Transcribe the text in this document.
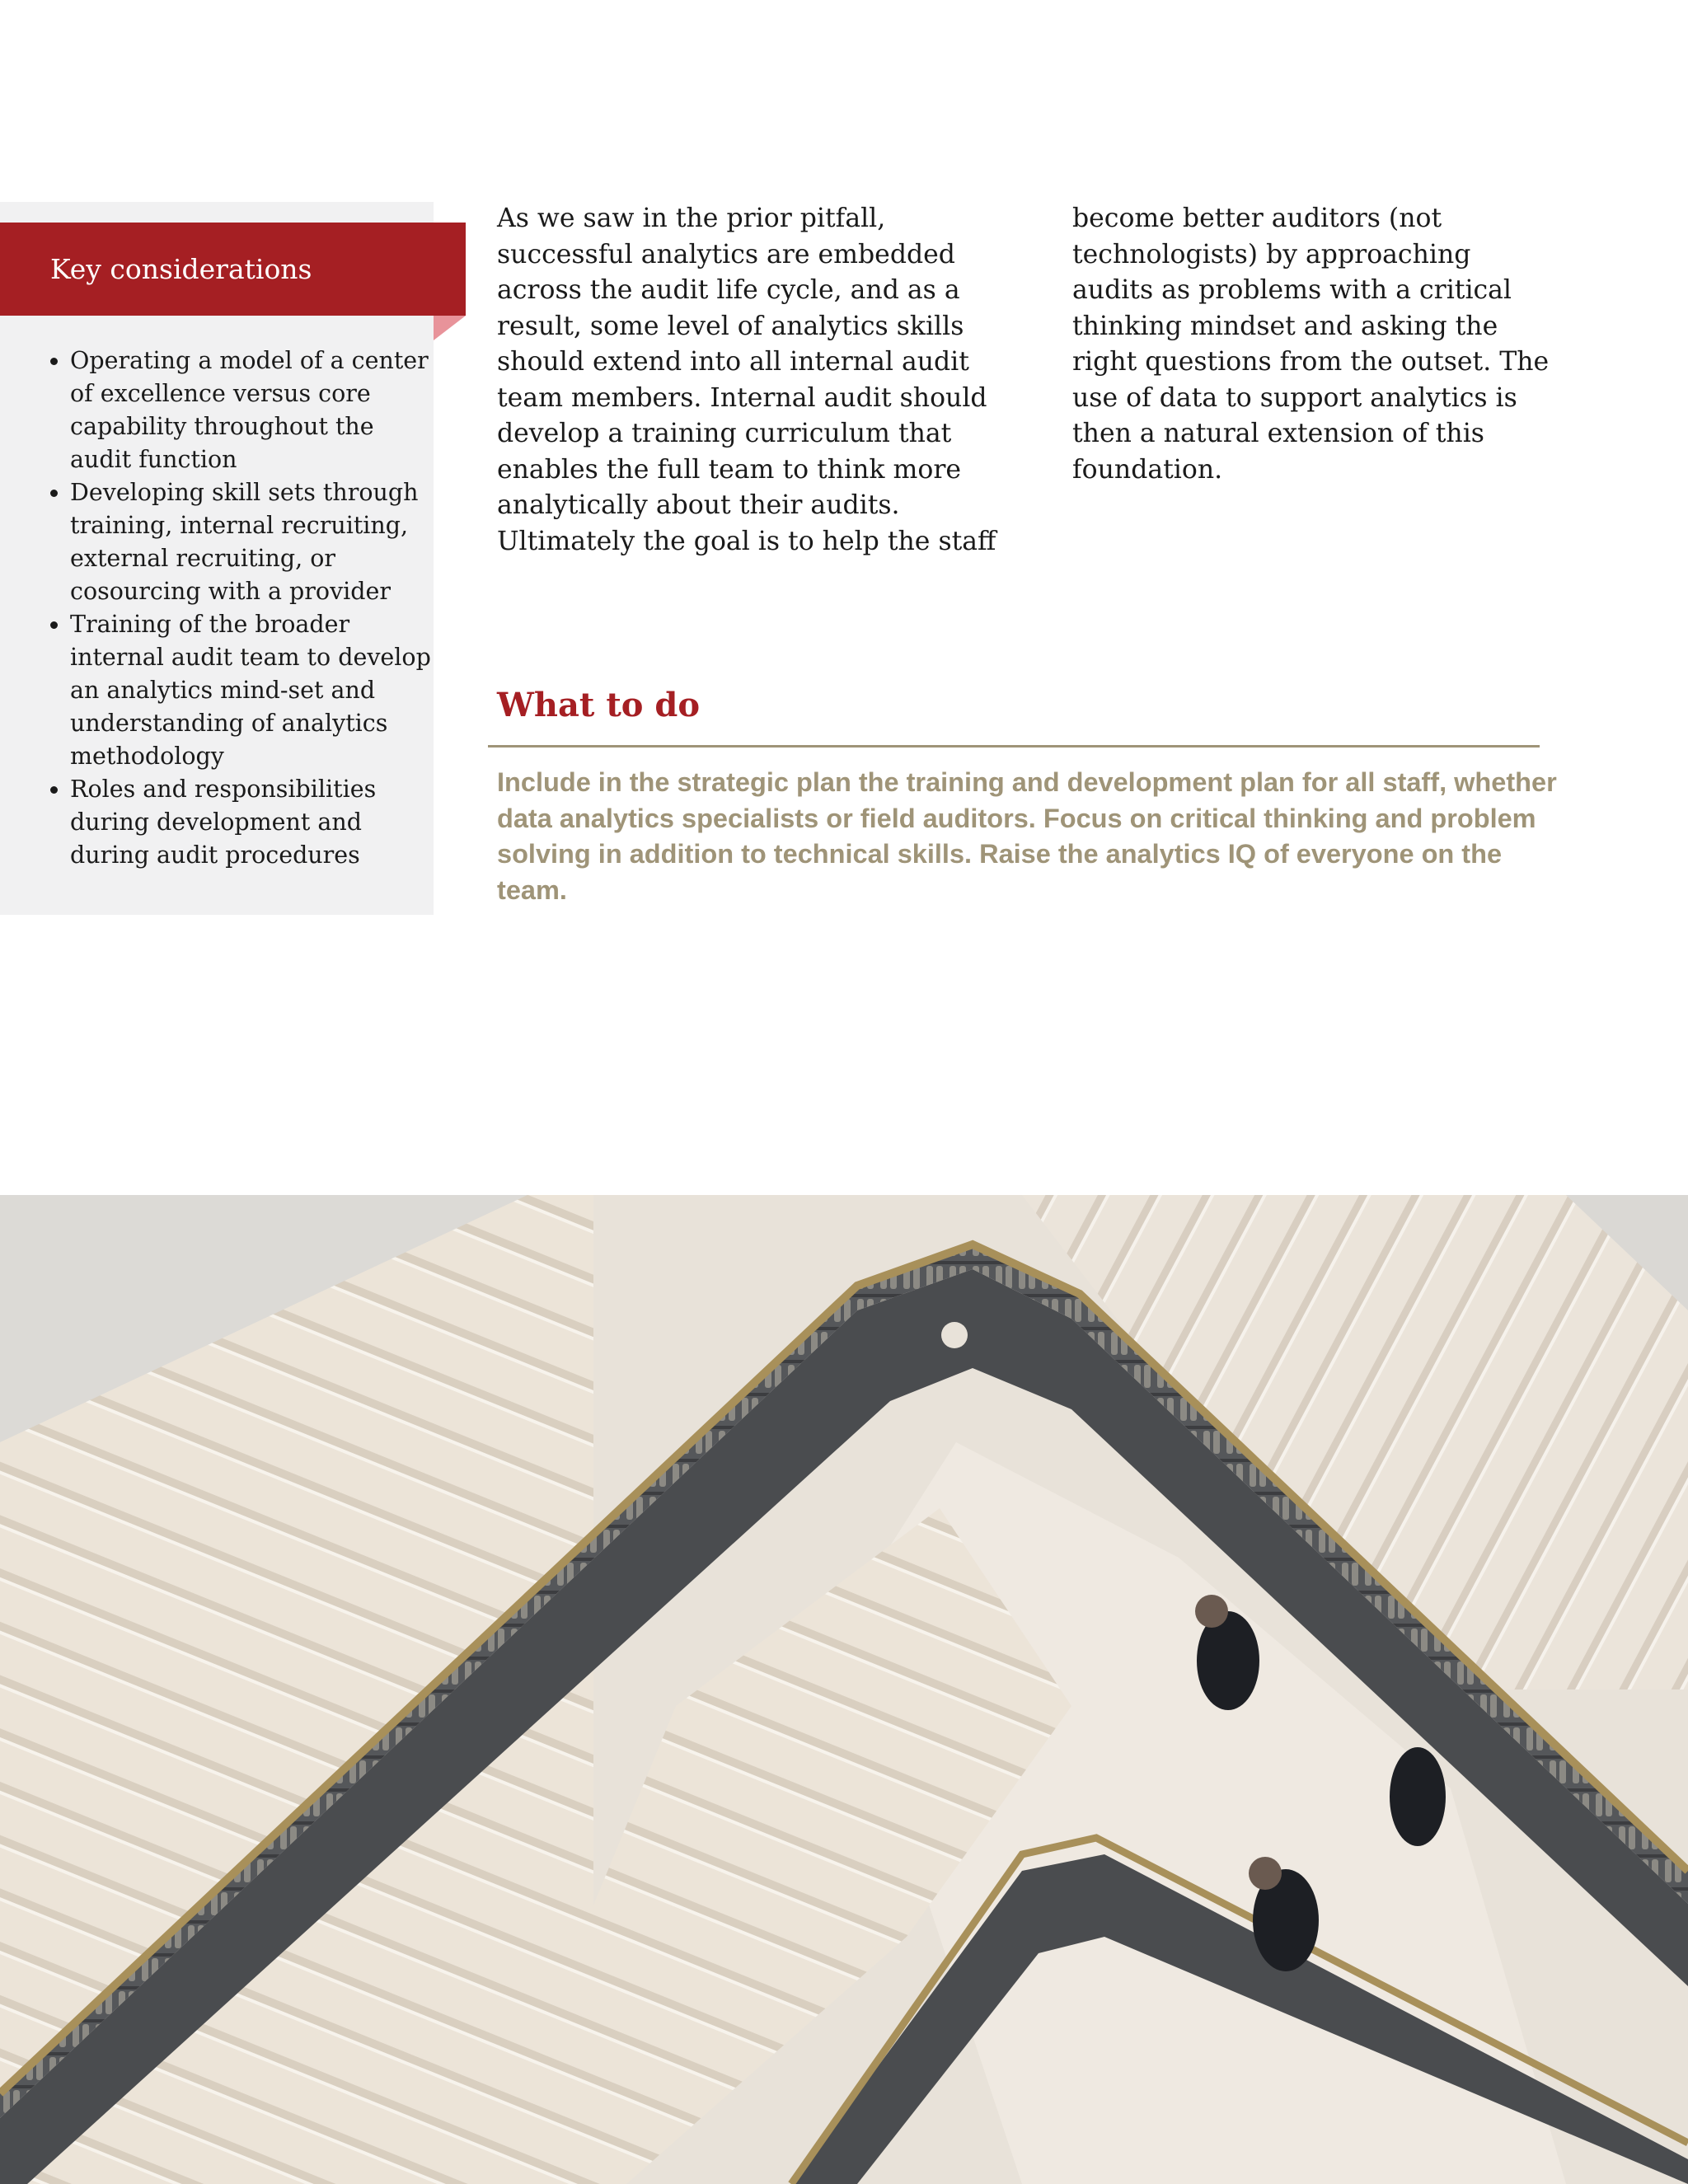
Key considerations
• Operating a model of a center of excellence versus core capability throughout the audit function
• Developing skill sets through training, internal recruiting, external recruiting, or cosourcing with a provider
• Training of the broader internal audit team to develop an analytics mind-set and understanding of analytics methodology
• Roles and responsibilities during development and during audit procedures

As we saw in the prior pitfall, successful analytics are embedded across the audit life cycle, and as a result, some level of analytics skills should extend into all internal audit team members. Internal audit should develop a training curriculum that enables the full team to think more analytically about their audits. Ultimately the goal is to help the staff

become better auditors (not technologists) by approaching audits as problems with a critical thinking mindset and asking the right questions from the outset. The use of data to support analytics is then a natural extension of this foundation.

What to do

Include in the strategic plan the training and development plan for all staff, whether data analytics specialists or field auditors. Focus on critical thinking and problem solving in addition to technical skills. Raise the analytics IQ of everyone on the team.
